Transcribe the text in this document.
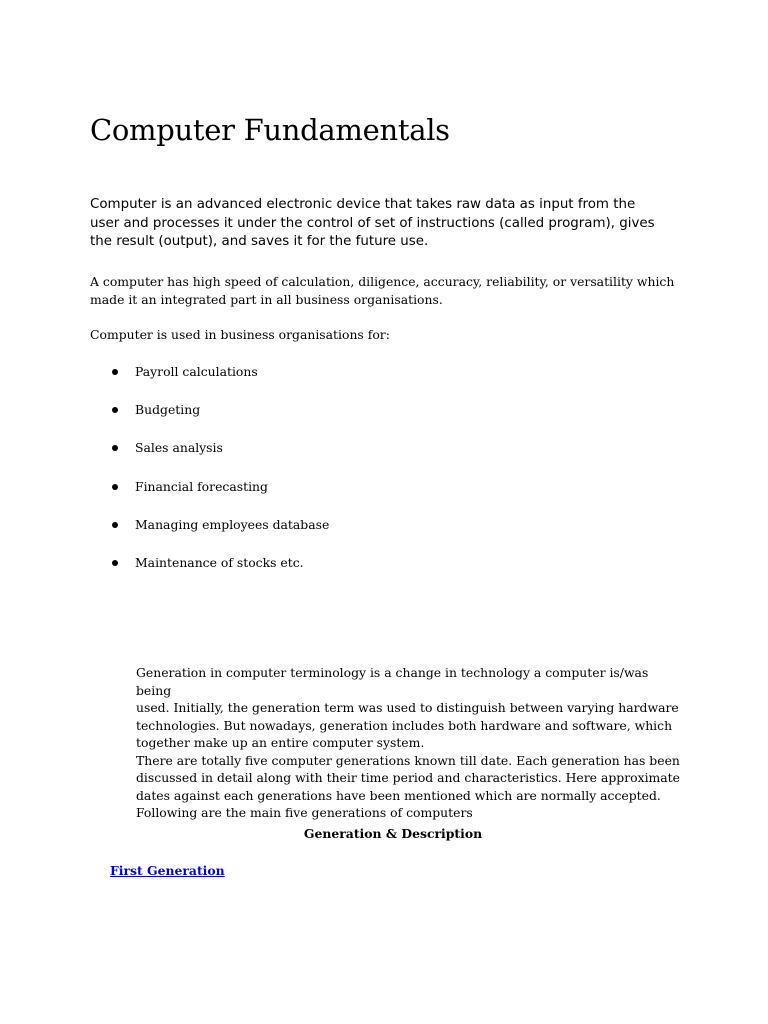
Computer Fundamentals

Computer is an advanced electronic device that takes raw data as input from the
user and processes it under the control of set of instructions (called program), gives
the result (output), and saves it for the future use.

A computer has high speed of calculation, diligence, accuracy, reliability, or versatility which
made it an integrated part in all business organisations.

Computer is used in business organisations for:

Payroll calculations
Budgeting
Sales analysis
Financial forecasting
Managing employees database
Maintenance of stocks etc.

Generation in computer terminology is a change in technology a computer is/was being
used. Initially, the generation term was used to distinguish between varying hardware
technologies. But nowadays, generation includes both hardware and software, which
together make up an entire computer system.
There are totally five computer generations known till date. Each generation has been
discussed in detail along with their time period and characteristics. Here approximate
dates against each generations have been mentioned which are normally accepted.
Following are the main five generations of computers

Generation & Description

First Generation
